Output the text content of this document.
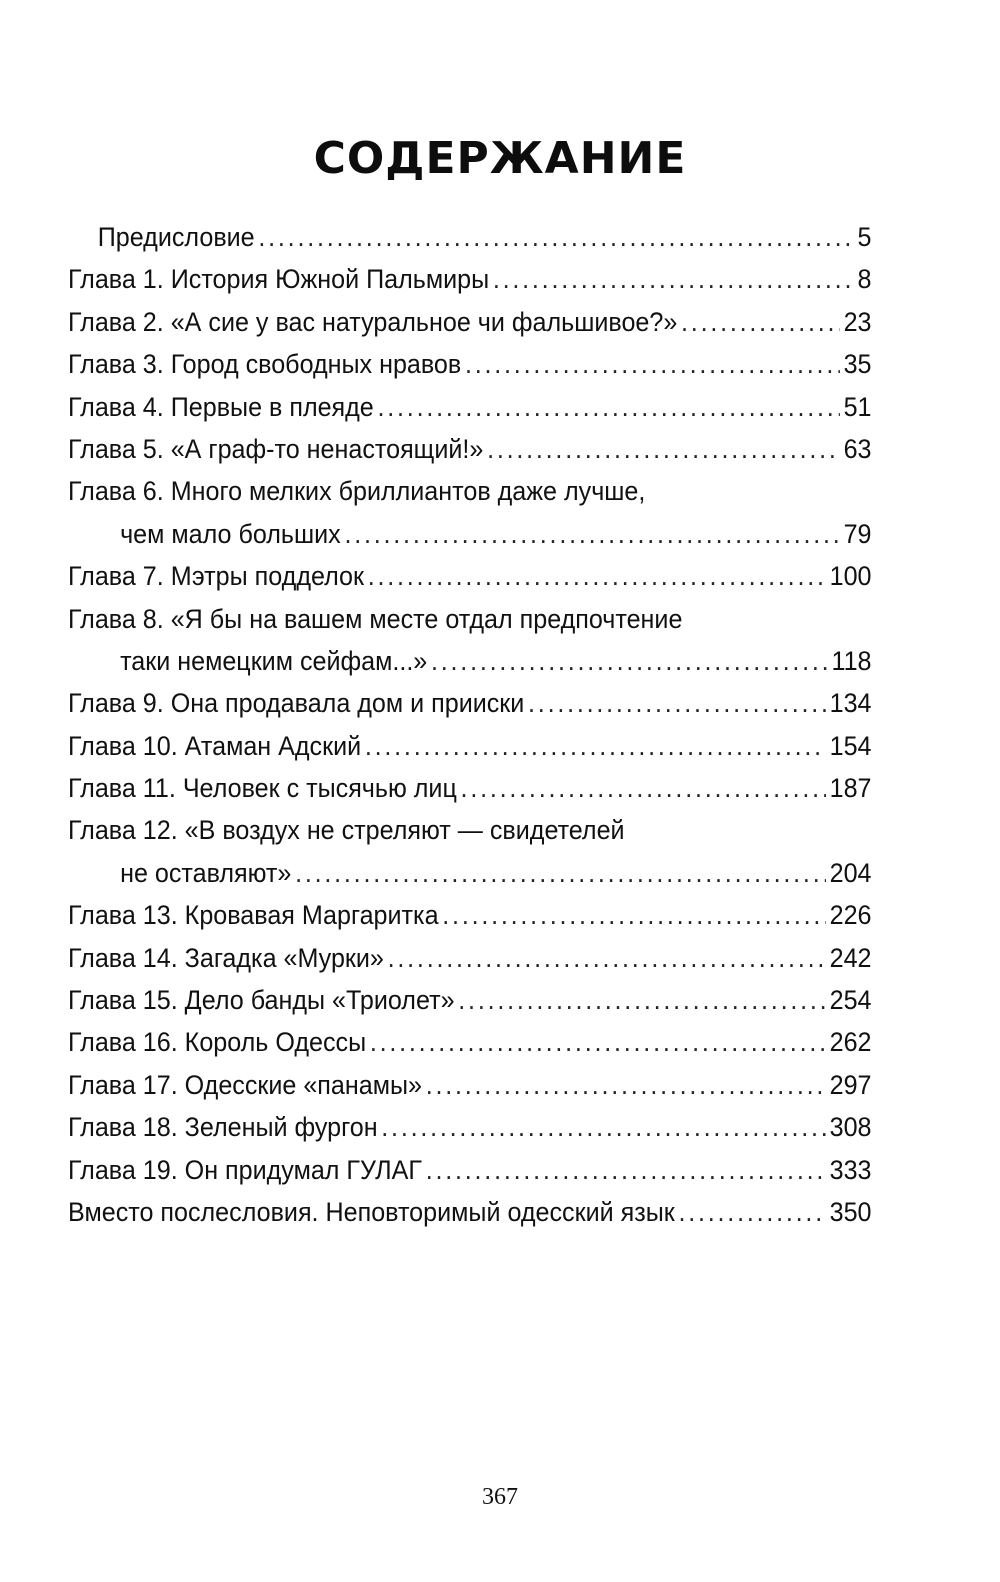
СОДЕРЖАНИЕ
Предисловие .....	5
Глава 1. История Южной Пальмиры .....	8
Глава 2. «А сие у вас натуральное чи фальшивое?» .....	23
Глава 3. Город свободных нравов .....	35
Глава 4. Первые в плеяде .....	51
Глава 5. «А граф-то ненастоящий!» .....	63
Глава 6. Много мелких бриллиантов даже лучше,
чем мало больших .....	79
Глава 7. Мэтры подделок .....	100
Глава 8. «Я бы на вашем месте отдал предпочтение
таки немецким сейфам...» .....	118
Глава 9. Она продавала дом и прииски .....	134
Глава 10. Атаман Адский .....	154
Глава 11. Человек с тысячью лиц .....	187
Глава 12. «В воздух не стреляют — свидетелей
не оставляют» .....	204
Глава 13. Кровавая Маргаритка .....	226
Глава 14. Загадка «Мурки» .....	242
Глава 15. Дело банды «Триолет» .....	254
Глава 16. Король Одессы .....	262
Глава 17. Одесские «панамы» .....	297
Глава 18. Зеленый фургон .....	308
Глава 19. Он придумал ГУЛАГ .....	333
Вместо послесловия. Неповторимый одесский язык .....	350
367
